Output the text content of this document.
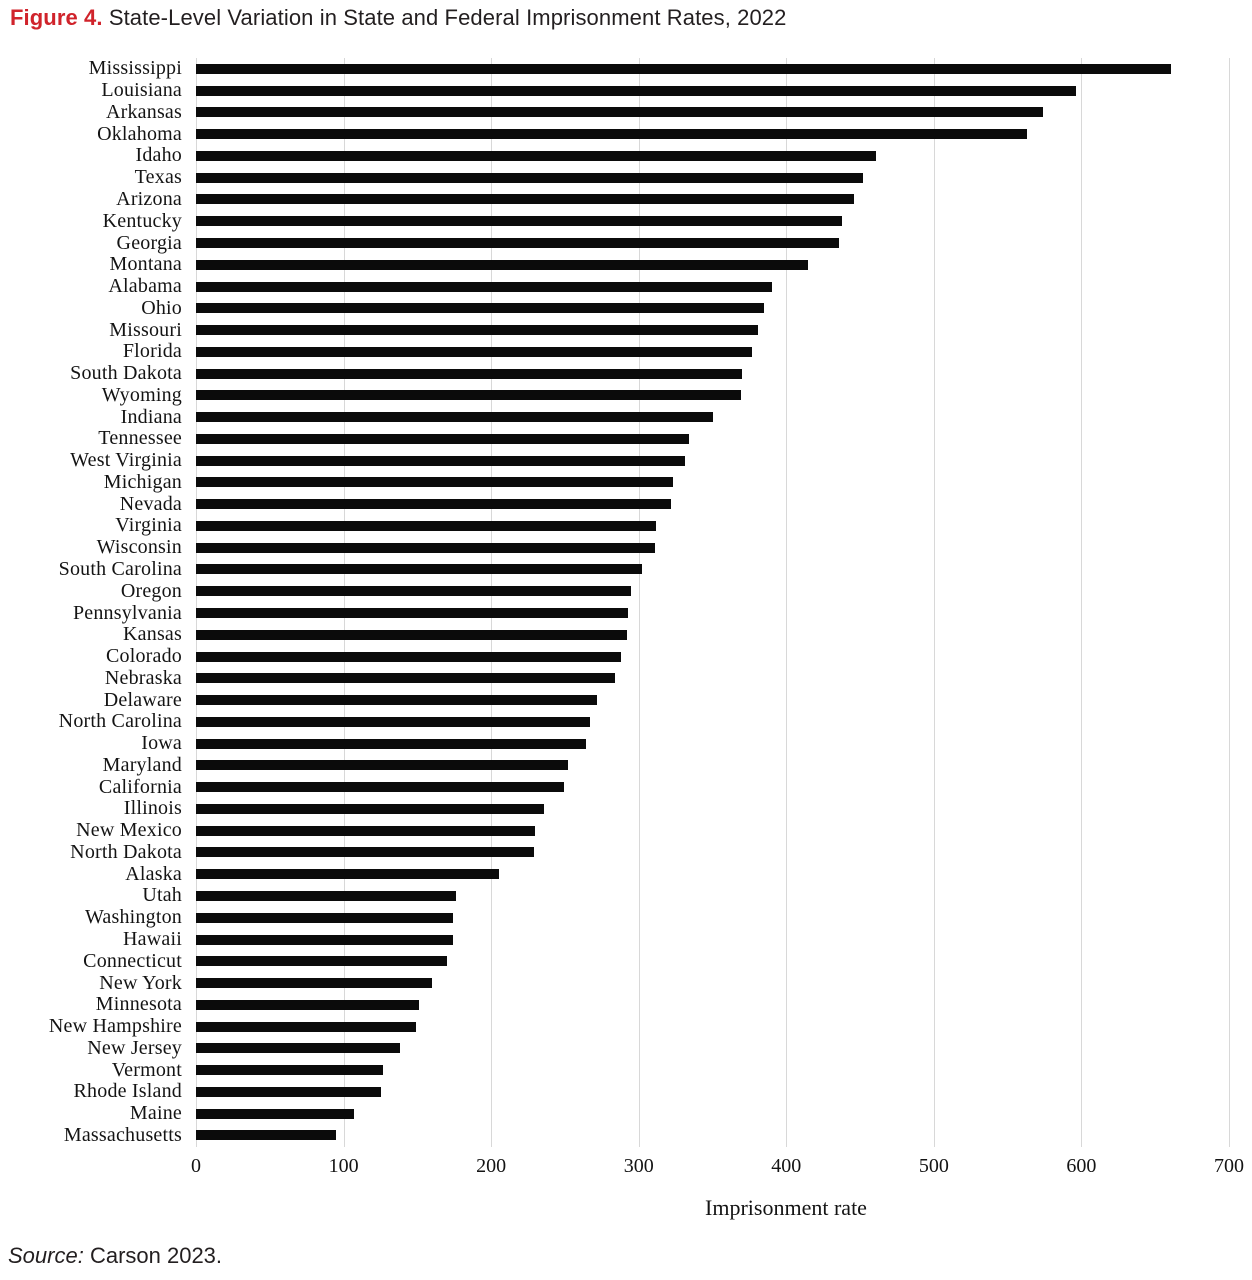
Figure 4. State-Level Variation in State and Federal Imprisonment Rates, 2022
Mississippi
Louisiana
Arkansas
Oklahoma
Idaho
Texas
Arizona
Kentucky
Georgia
Montana
Alabama
Ohio
Missouri
Florida
South Dakota
Wyoming
Indiana
Tennessee
West Virginia
Michigan
Nevada
Virginia
Wisconsin
South Carolina
Oregon
Pennsylvania
Kansas
Colorado
Nebraska
Delaware
North Carolina
Iowa
Maryland
California
Illinois
New Mexico
North Dakota
Alaska
Utah
Washington
Hawaii
Connecticut
New York
Minnesota
New Hampshire
New Jersey
Vermont
Rhode Island
Maine
Massachusetts
0	100	200	300	400	500	600	700
Imprisonment rate
Source: Carson 2023.
